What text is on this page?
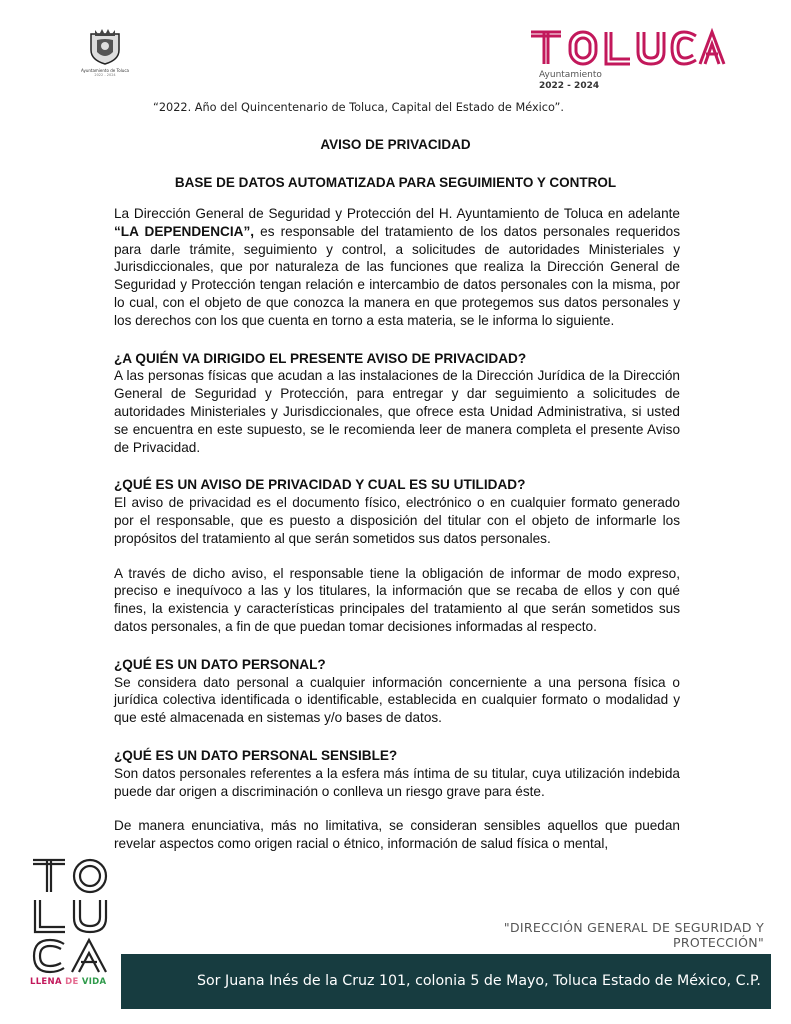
Ayuntamiento de Toluca
2022 - 2024	Ayuntamiento
2022 - 2024
“2022. Año del Quincentenario de Toluca, Capital del Estado de México”.
AVISO DE PRIVACIDAD
BASE DE DATOS AUTOMATIZADA PARA SEGUIMIENTO Y CONTROL

La Dirección General de Seguridad y Protección del H. Ayuntamiento de Toluca en adelante “LA DEPENDENCIA”, es responsable del tratamiento de los datos personales requeridos para darle trámite, seguimiento y control, a solicitudes de autoridades Ministeriales y Jurisdiccionales, que por naturaleza de las funciones que realiza la Dirección General de Seguridad y Protección tengan relación e intercambio de datos personales con la misma, por lo cual, con el objeto de que conozca la manera en que protegemos sus datos personales y los derechos con los que cuenta en torno a esta materia, se le informa lo siguiente.

¿A QUIÉN VA DIRIGIDO EL PRESENTE AVISO DE PRIVACIDAD?

A las personas físicas que acudan a las instalaciones de la Dirección Jurídica de la Dirección General de Seguridad y Protección, para entregar y dar seguimiento a solicitudes de autoridades Ministeriales y Jurisdiccionales, que ofrece esta Unidad Administrativa, si usted se encuentra en este supuesto, se le recomienda leer de manera completa el presente Aviso de Privacidad.

¿QUÉ ES UN AVISO DE PRIVACIDAD Y CUAL ES SU UTILIDAD?

El aviso de privacidad es el documento físico, electrónico o en cualquier formato generado por el responsable, que es puesto a disposición del titular con el objeto de informarle los propósitos del tratamiento al que serán sometidos sus datos personales.

A través de dicho aviso, el responsable tiene la obligación de informar de modo expreso, preciso e inequívoco a las y los titulares, la información que se recaba de ellos y con qué fines, la existencia y características principales del tratamiento al que serán sometidos sus datos personales, a fin de que puedan tomar decisiones informadas al respecto.

¿QUÉ ES UN DATO PERSONAL?

Se considera dato personal a cualquier información concerniente a una persona física o jurídica colectiva identificada o identificable, establecida en cualquier formato o modalidad y que esté almacenada en sistemas y/o bases de datos.

¿QUÉ ES UN DATO PERSONAL SENSIBLE?

Son datos personales referentes a la esfera más íntima de su titular, cuya utilización indebida puede dar origen a discriminación o conlleva un riesgo grave para éste.

De manera enunciativa, más no limitativa, se consideran sensibles aquellos que puedan revelar aspectos como origen racial o étnico, información de salud física o mental,

LLENA DE VIDA
"DIRECCIÓN GENERAL DE SEGURIDAD Y
PROTECCIÓN"
Sor Juana Inés de la Cruz 101, colonia 5 de Mayo, Toluca Estado de México, C.P.
